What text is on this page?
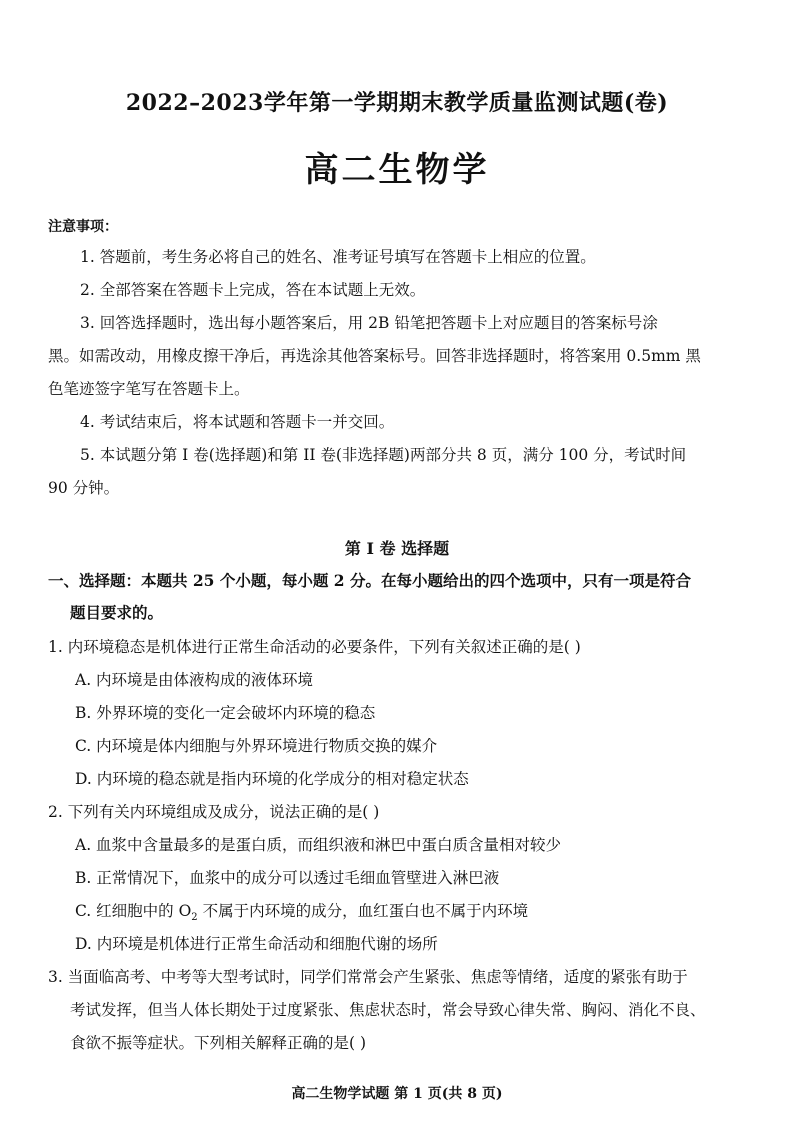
2022–2023学年第一学期期末教学质量监测试题(卷)
高二生物学
注意事项：
1. 答题前，考生务必将自己的姓名、准考证号填写在答题卡上相应的位置。
2. 全部答案在答题卡上完成，答在本试题上无效。
3. 回答选择题时，选出每小题答案后，用 2B 铅笔把答题卡上对应题目的答案标号涂
黑。如需改动，用橡皮擦干净后，再选涂其他答案标号。回答非选择题时，将答案用 0.5mm 黑
色笔迹签字笔写在答题卡上。
4. 考试结束后，将本试题和答题卡一并交回。
5. 本试题分第 I 卷(选择题)和第 II 卷(非选择题)两部分共 8 页，满分 100 分，考试时间
90 分钟。
第 I 卷 选择题
一、选择题：本题共 25 个小题，每小题 2 分。在每小题给出的四个选项中，只有一项是符合
题目要求的。
1. 内环境稳态是机体进行正常生命活动的必要条件，下列有关叙述正确的是( )
A. 内环境是由体液构成的液体环境
B. 外界环境的变化一定会破坏内环境的稳态
C. 内环境是体内细胞与外界环境进行物质交换的媒介
D. 内环境的稳态就是指内环境的化学成分的相对稳定状态
2. 下列有关内环境组成及成分，说法正确的是( )
A. 血浆中含量最多的是蛋白质，而组织液和淋巴中蛋白质含量相对较少
B. 正常情况下，血浆中的成分可以透过毛细血管壁进入淋巴液
C. 红细胞中的 $O_2$ 不属于内环境的成分，血红蛋白也不属于内环境
D. 内环境是机体进行正常生命活动和细胞代谢的场所
3. 当面临高考、中考等大型考试时，同学们常常会产生紧张、焦虑等情绪，适度的紧张有助于
考试发挥，但当人体长期处于过度紧张、焦虑状态时，常会导致心律失常、胸闷、消化不良、
食欲不振等症状。下列相关解释正确的是( )
高二生物学试题 第 1 页(共 8 页)
